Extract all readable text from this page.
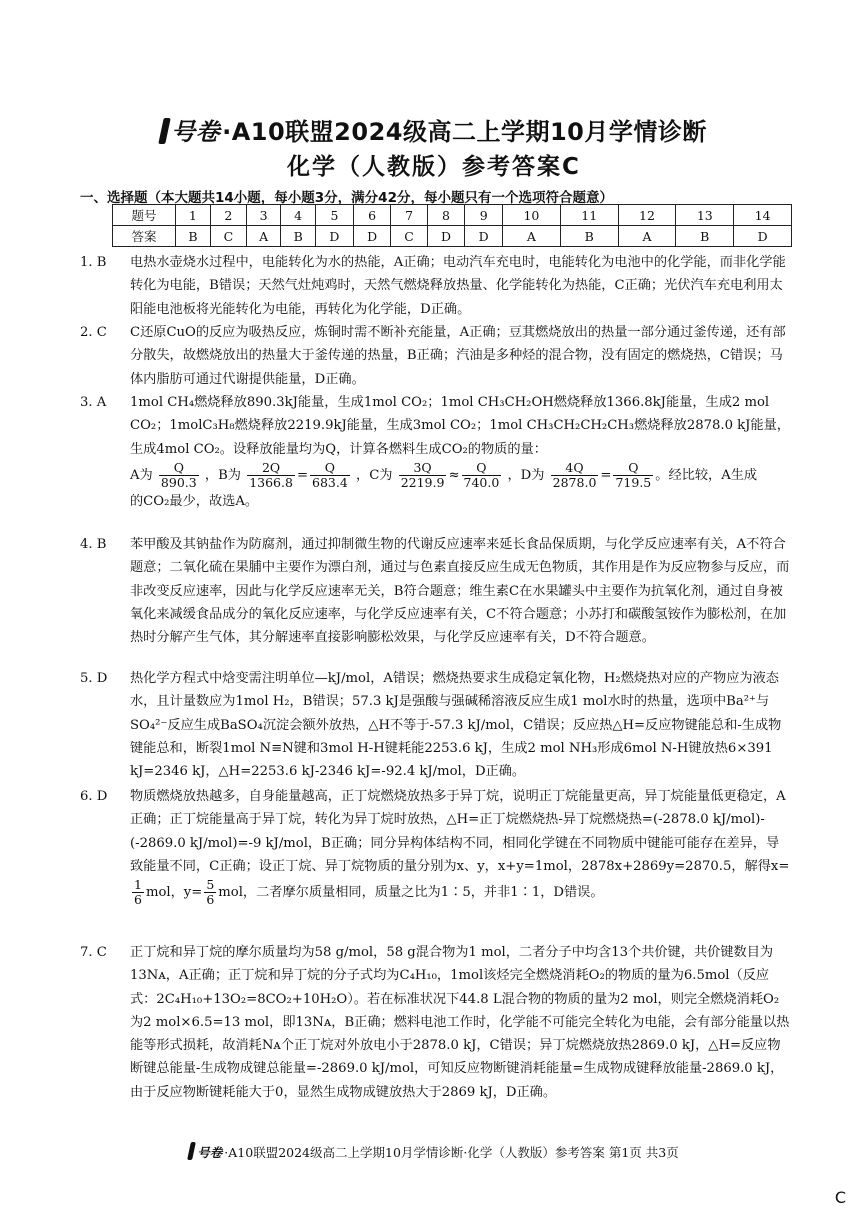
号卷·A10联盟2024级高二上学期10月学情诊断
化学（人教版）参考答案C
一、选择题（本大题共14小题，每小题3分，满分42分，每小题只有一个选项符合题意）
题号	1	2	3	4	5	6	7	8	9	10	11	12	13	14
答案	B	C	A	B	D	D	C	D	D	A	B	A	B	D
1. B	电热水壶烧水过程中，电能转化为水的热能，A正确；电动汽车充电时，电能转化为电池中的化学能，而非化学能转化为电能，B错误；天然气灶炖鸡时，天然气燃烧释放热量、化学能转化为热能，C正确；光伏汽车充电利用太阳能电池板将光能转化为电能，再转化为化学能，D正确。

2. C	C还原CuO的反应为吸热反应，炼铜时需不断补充能量，A正确；豆萁燃烧放出的热量一部分通过釜传递，还有部分散失，故燃烧放出的热量大于釜传递的热量，B正确；汽油是多种烃的混合物，没有固定的燃烧热，C错误；马体内脂肪可通过代谢提供能量，D正确。

3. A	1mol CH₄燃烧释放890.3kJ能量，生成1mol CO₂；1mol CH₃CH₂OH燃烧释放1366.8kJ能量，生成2 mol CO₂；1molC₃H₈燃烧释放2219.9kJ能量，生成3mol CO₂；1mol CH₃CH₂CH₂CH₃燃烧释放2878.0 kJ能量，生成4mol CO₂。设释放能量均为Q，计算各燃料生成CO₂的物质的量：

A为 $\frac{Q}{890.3}$ ，B为 $\frac{2Q}{1366.8} = \frac{Q}{683.4}$ ，C为 $\frac{3Q}{2219.9} \approx \frac{Q}{740.0}$ ，D为 $\frac{4Q}{2878.0} = \frac{Q}{719.5}$ 。经比较，A生成

的CO₂最少，故选A。

4. B	苯甲酸及其钠盐作为防腐剂，通过抑制微生物的代谢反应速率来延长食品保质期，与化学反应速率有关，A不符合题意；二氧化硫在果脯中主要作为漂白剂，通过与色素直接反应生成无色物质，其作用是作为反应物参与反应，而非改变反应速率，因此与化学反应速率无关，B符合题意；维生素C在水果罐头中主要作为抗氧化剂，通过自身被氧化来减缓食品成分的氧化反应速率，与化学反应速率有关，C不符合题意；小苏打和碳酸氢铵作为膨松剂，在加热时分解产生气体，其分解速率直接影响膨松效果，与化学反应速率有关，D不符合题意。

5. D	热化学方程式中焓变需注明单位—kJ/mol，A错误；燃烧热要求生成稳定氧化物，H₂燃烧热对应的产物应为液态水，且计量数应为1mol H₂，B错误；57.3 kJ是强酸与强碱稀溶液反应生成1 mol水时的热量，选项中Ba²⁺与SO₄²⁻反应生成BaSO₄沉淀会额外放热，△H不等于-57.3 kJ/mol，C错误；反应热△H=反应物键能总和-生成物键能总和，断裂1mol N≡N键和3mol H-H键耗能2253.6 kJ，生成2 mol NH₃形成6mol N-H键放热6×391 kJ=2346 kJ，△H=2253.6 kJ-2346 kJ=-92.4 kJ/mol，D正确。

6. D	物质燃烧放热越多，自身能量越高，正丁烷燃烧放热多于异丁烷，说明正丁烷能量更高，异丁烷能量低更稳定，A正确；正丁烷能量高于异丁烷，转化为异丁烷时放热，△H=正丁烷燃烧热-异丁烷燃烧热=(-2878.0 kJ/mol)-(-2869.0 kJ/mol)=-9 kJ/mol，B正确；同分异构体结构不同，相同化学键在不同物质中键能可能存在差异，导致能量不同，C正确；设正丁烷、异丁烷物质的量分别为x、y，x+y=1mol，2878x+2869y=2870.5，解得x=
$\frac{1}{6}$ mol，$y= \frac{5}{6}$ mol，二者摩尔质量相同，质量之比为1∶5，并非1∶1，D错误。

7. C	正丁烷和异丁烷的摩尔质量均为58 g/mol，58 g混合物为1 mol，二者分子中均含13个共价键，共价键数目为13Nᴀ，A正确；正丁烷和异丁烷的分子式均为C₄H₁₀，1mol该烃完全燃烧消耗O₂的物质的量为6.5mol（反应式：2C₄H₁₀+13O₂=8CO₂+10H₂O）。若在标准状况下44.8 L混合物的物质的量为2 mol，则完全燃烧消耗O₂为2 mol×6.5=13 mol，即13Nᴀ，B正确；燃料电池工作时，化学能不可能完全转化为电能，会有部分能量以热能等形式损耗，故消耗Nᴀ个正丁烷对外放电小于2878.0 kJ，C错误；异丁烷燃烧放热2869.0 kJ，△H=反应物断键总能量-生成物成键总能量=-2869.0 kJ/mol，可知反应物断键消耗能量=生成物成键释放能量-2869.0 kJ，由于反应物断键耗能大于0，显然生成物成键放热大于2869 kJ，D正确。

号卷 ·A10联盟2024级高二上学期10月学情诊断·化学（人教版）参考答案 第1页 共3页
C
